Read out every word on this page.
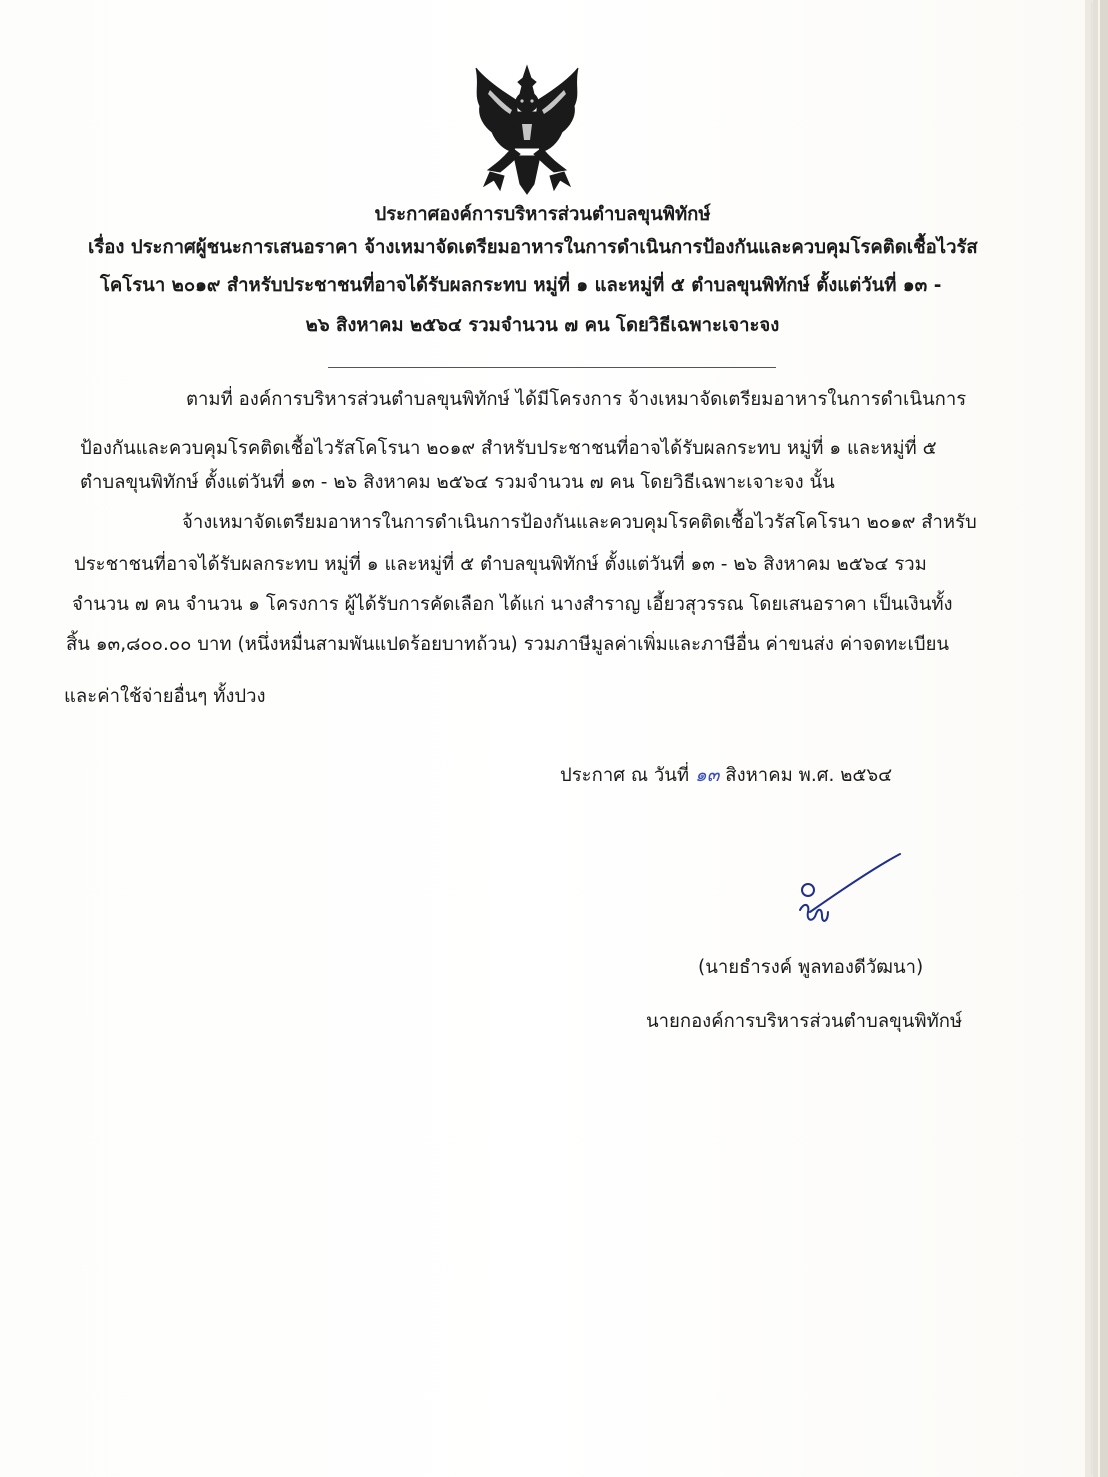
ประกาศองค์การบริหารส่วนตำบลขุนพิทักษ์
เรื่อง ประกาศผู้ชนะการเสนอราคา จ้างเหมาจัดเตรียมอาหารในการดำเนินการป้องกันและควบคุมโรคติดเชื้อไวรัส
โคโรนา ๒๐๑๙ สำหรับประชาชนที่อาจได้รับผลกระทบ หมู่ที่ ๑ และหมู่ที่ ๕ ตำบลขุนพิทักษ์ ตั้งแต่วันที่ ๑๓ -
๒๖ สิงหาคม ๒๕๖๔ รวมจำนวน ๗ คน โดยวิธีเฉพาะเจาะจง
ตามที่ องค์การบริหารส่วนตำบลขุนพิทักษ์ ได้มีโครงการ จ้างเหมาจัดเตรียมอาหารในการดำเนินการ
ป้องกันและควบคุมโรคติดเชื้อไวรัสโคโรนา ๒๐๑๙ สำหรับประชาชนที่อาจได้รับผลกระทบ หมู่ที่ ๑ และหมู่ที่ ๕
ตำบลขุนพิทักษ์ ตั้งแต่วันที่ ๑๓ - ๒๖ สิงหาคม ๒๕๖๔ รวมจำนวน ๗ คน โดยวิธีเฉพาะเจาะจง นั้น
จ้างเหมาจัดเตรียมอาหารในการดำเนินการป้องกันและควบคุมโรคติดเชื้อไวรัสโคโรนา ๒๐๑๙ สำหรับ
ประชาชนที่อาจได้รับผลกระทบ หมู่ที่ ๑ และหมู่ที่ ๕ ตำบลขุนพิทักษ์ ตั้งแต่วันที่ ๑๓ - ๒๖ สิงหาคม ๒๕๖๔ รวม
จำนวน ๗ คน จำนวน ๑ โครงการ ผู้ได้รับการคัดเลือก ได้แก่ นางสำราญ เอี้ยวสุวรรณ โดยเสนอราคา เป็นเงินทั้ง
สิ้น ๑๓,๘๐๐.๐๐ บาท (หนึ่งหมื่นสามพันแปดร้อยบาทถ้วน) รวมภาษีมูลค่าเพิ่มและภาษีอื่น ค่าขนส่ง ค่าจดทะเบียน
และค่าใช้จ่ายอื่นๆ ทั้งปวง
ประกาศ ณ วันที่ ๑๓ สิงหาคม พ.ศ. ๒๕๖๔
(นายธำรงค์ พูลทองดีวัฒนา)
นายกองค์การบริหารส่วนตำบลขุนพิทักษ์
